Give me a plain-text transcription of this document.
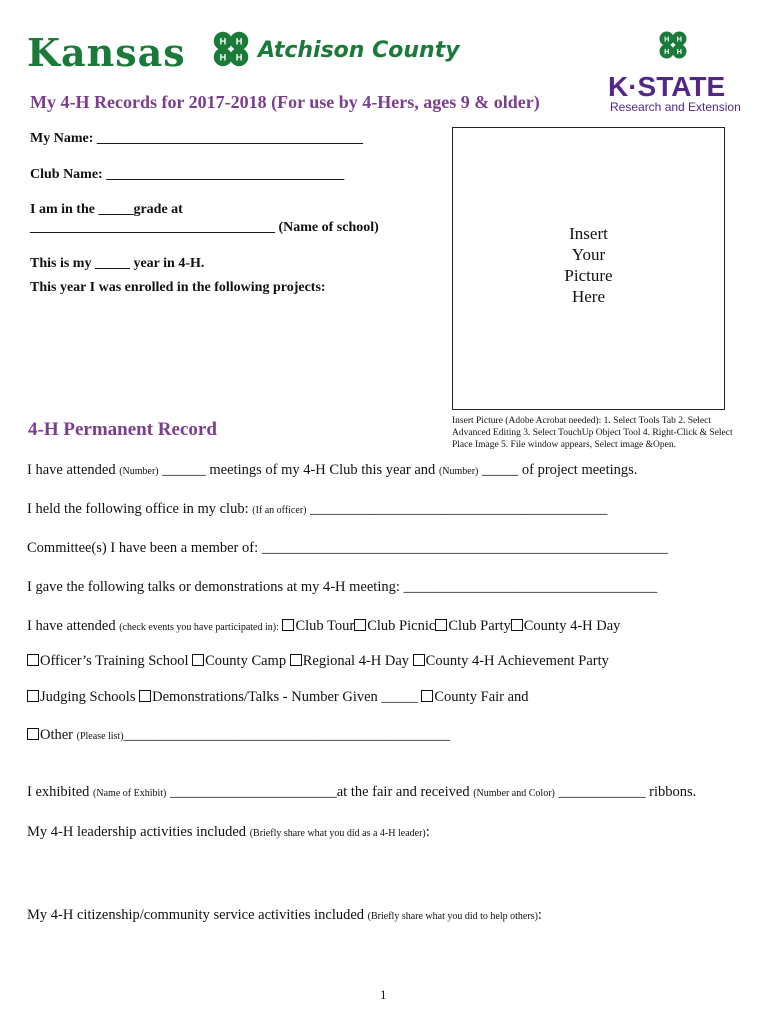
Kansas	H H
H H Atchison County	H H
H H
K·STATE
Research and Extension
My 4-H Records for 2017-2018 (For use by 4-Hers, ages 9 & older)
My Name: ______________________________________
Club Name: __________________________________
I am in the _____grade at
___________________________________ (Name of school)
This is my _____ year in 4-H.
This year I was enrolled in the following projects:
Insert
Your
Picture
Here
Insert Picture (Adobe Acrobat needed): 1. Select Tools Tab 2. Select Advanced Editing 3. Select TouchUp Object Tool 4. Right-Click & Select Place Image 5. File window appears, Select image &Open.
4-H Permanent Record
I have attended (Number) ______ meetings of my 4-H Club this year and (Number) _____ of project meetings.
I held the following office in my club: (If an officer) _________________________________________
Committee(s) I have been a member of: ________________________________________________________
I gave the following talks or demonstrations at my 4-H meeting: ___________________________________
I have attended (check events you have participated in): Club Tour Club Picnic Club Party County 4-H Day
Officer’s Training School County Camp Regional 4-H Day County 4-H Achievement Party
Judging Schools Demonstrations/Talks - Number Given _____ County Fair and
Other (Please list)_____________________________________________
I exhibited (Name of Exhibit) _______________________at the fair and received (Number and Color) ____________ ribbons.
My 4-H leadership activities included (Briefly share what you did as a 4-H leader):
My 4-H citizenship/community service activities included (Briefly share what you did to help others):
1
